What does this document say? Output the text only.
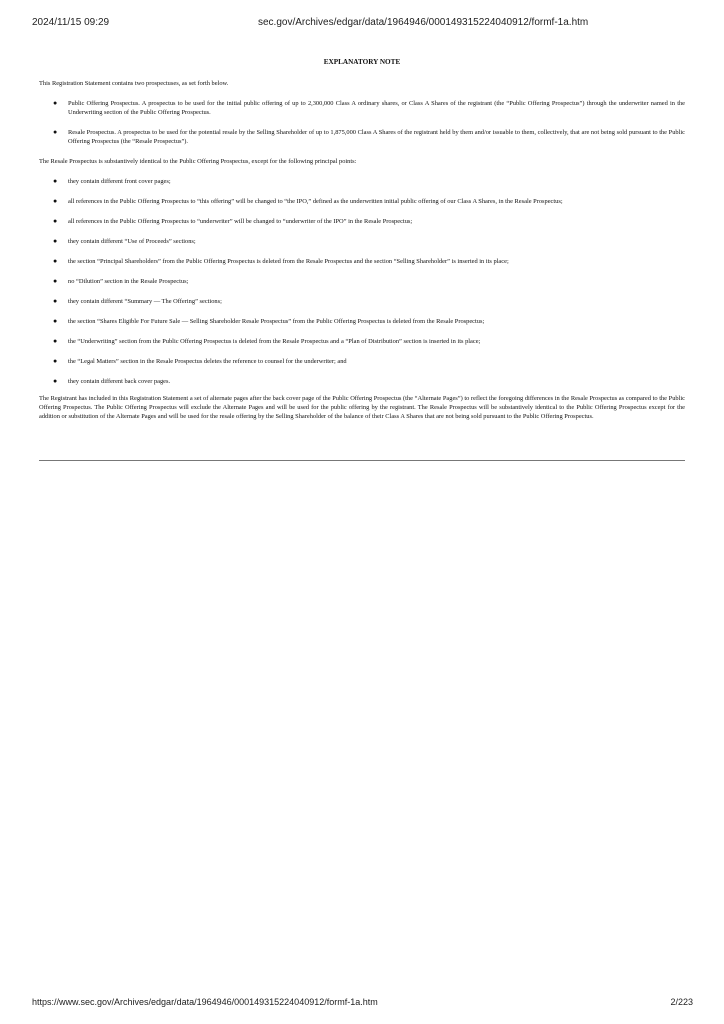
2024/11/15 09:29	sec.gov/Archives/edgar/data/1964946/000149315224040912/formf-1a.htm
EXPLANATORY NOTE

This Registration Statement contains two prospectuses, as set forth below.

● Public Offering Prospectus. A prospectus to be used for the initial public offering of up to 2,300,000 Class A ordinary shares, or Class A Shares of the registrant (the “Public Offering Prospectus”) through the underwriter named in the Underwriting section of the Public Offering Prospectus.
● Resale Prospectus. A prospectus to be used for the potential resale by the Selling Shareholder of up to 1,875,000 Class A Shares of the registrant held by them and/or issuable to them, collectively, that are not being sold pursuant to the Public Offering Prospectus (the “Resale Prospectus”).

The Resale Prospectus is substantively identical to the Public Offering Prospectus, except for the following principal points:

● they contain different front cover pages;
● all references in the Public Offering Prospectus to “this offering” will be changed to “the IPO,” defined as the underwritten initial public offering of our Class A Shares, in the Resale Prospectus;
● all references in the Public Offering Prospectus to “underwriter” will be changed to “underwriter of the IPO” in the Resale Prospectus;
● they contain different “Use of Proceeds” sections;
● the section “Principal Shareholders” from the Public Offering Prospectus is deleted from the Resale Prospectus and the section “Selling Shareholder” is inserted in its place;
● no “Dilution” section in the Resale Prospectus;
● they contain different “Summary — The Offering” sections;
● the section “Shares Eligible For Future Sale — Selling Shareholder Resale Prospectus” from the Public Offering Prospectus is deleted from the Resale Prospectus;
● the “Underwriting” section from the Public Offering Prospectus is deleted from the Resale Prospectus and a “Plan of Distribution” section is inserted in its place;
● the “Legal Matters” section in the Resale Prospectus deletes the reference to counsel for the underwriter; and
● they contain different back cover pages.

The Registrant has included in this Registration Statement a set of alternate pages after the back cover page of the Public Offering Prospectus (the “Alternate Pages”) to reflect the foregoing differences in the Resale Prospectus as compared to the Public Offering Prospectus. The Public Offering Prospectus will exclude the Alternate Pages and will be used for the public offering by the registrant. The Resale Prospectus will be substantively identical to the Public Offering Prospectus except for the addition or substitution of the Alternate Pages and will be used for the resale offering by the Selling Shareholder of the balance of their Class A Shares that are not being sold pursuant to the Public Offering Prospectus.

https://www.sec.gov/Archives/edgar/data/1964946/000149315224040912/formf-1a.htm	2/223
